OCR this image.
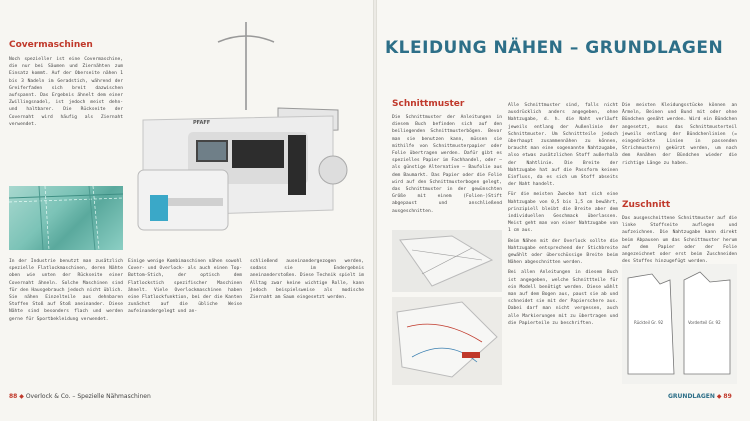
Covermaschinen

Noch spezieller ist eine Covermaschine, die nur bei Säumen und Ziernähten zum Einsatz kommt. Auf der Oberseite nähen 1 bis 3 Nadeln im Geradstich, während der Greiferfaden sich breit dazwischen aufspannt. Das Ergebnis ähnelt dem einer Zwillingsnadel, ist jedoch meist dehn- und haltbarer. Die Rückseite der Covernaht wird häufig als Ziernaht verwendet.

In der Industrie benutzt man zusätzlich spezielle Flatlockmaschinen, deren Nähte oben wie unten der Rückseite einer Covernaht ähneln. Solche Maschinen sind für den Hausgebrauch jedoch nicht üblich. Sie nähen Einzelteile aus dehnbaren Stoffen Stoß auf Stoß aneinander. Diese Nähte sind besonders flach und werden gerne für Sportbekleidung verwendet.

PFAFF

Einige wenige Kombimaschinen nähen sowohl Cover- und Overlock- als auch einen Top-Bottom-Stich, der optisch dem Flatlockstich spezifischer Maschinen ähnelt. Viele Overlockmaschinen haben eine Flatlockfunktion, bei der die Kanten zunächst auf die übliche Weise aufeinandergelegt und an-

schließend auseinandergezogen werden, sodass sie im Endergebnis aneinanderstoßen. Diese Technik spielt im Alltag zwar keine wichtige Rolle, kann jedoch beispielsweise als modische Ziernaht am Saum eingesetzt werden.

88 ◆ Overlock & Co. – Spezielle Nähmaschinen
KLEIDUNG NÄHEN – GRUNDLAGEN
Schnittmuster

Die Schnittmuster der Anleitungen in diesem Buch befinden sich auf den beiliegenden Schnittmusterbögen. Bevor man sie benutzen kann, müssen sie mithilfe von Schnittmusterpapier oder Folie übertragen werden. Dafür gibt es spezielles Papier im Fachhandel, oder – als günstige Alternative – Baufolie aus dem Baumarkt. Das Papier oder die Folie wird auf den Schnittmusterbogen gelegt, das Schnittmuster in der gewünschten Größe mit einem (Folien-)Stift abgepaust und anschließend ausgeschnitten.

Alle Schnittmuster sind, falls nicht ausdrücklich anders angegeben, ohne Nahtzugabe, d. h. die Naht verläuft jeweils entlang der Außenlinie der Schnittmuster. Um Schnittteile jedoch überhaupt zusammennähen zu können, braucht man eine sogenannte Nahtzugabe, also etwas zusätzlichen Stoff außerhalb der Nahtlinie. Die Breite der Nahtzugabe hat auf die Passform keinen Einfluss, da es sich um Stoff abseits der Naht handelt.

Für die meisten Zwecke hat sich eine Nahtzugabe von 0,5 bis 1,5 cm bewährt, prinzipiell bleibt die Breite aber dem individuellen Geschmack überlassen. Meist geht man von einer Nahtzugabe von 1 cm aus.

Beim Nähen mit der Overlock sollte die Nahtzugabe entsprechend der Stichbreite gewählt oder überschüssige Breite beim Nähen abgeschnitten werden.

Bei allen Anleitungen in diesem Buch ist angegeben, welche Schnittteile für ein Modell benötigt werden. Diese wählt man auf dem Bogen aus, paust sie ab und schneidet sie mit der Papierschere aus. Dabei darf man nicht vergessen, auch alle Markierungen mit zu übertragen und die Papierteile zu beschriften.

Die meisten Kleidungsstücke können an Ärmeln, Beinen und Bund mit oder ohne Bündchen genäht werden. Wird ein Bündchen angesetzt, muss das Schnittmusterteil jeweils entlang der Bündchenlinien (= eingedrückte Linien in passenden Strichmustern) gekürzt werden, um nach dem Annähen der Bündchen wieder die richtige Länge zu haben.

Zuschnitt

Das ausgeschnittene Schnittmuster auf die linke Stoffseite auflegen und aufzeichnen. Die Nahtzugabe kann direkt beim Abpausen um das Schnittmuster herum auf dem Papier oder der Folie angezeichnet oder erst beim Zuschneiden des Stoffes hinzugefügt werden.

Rückteil Gr. 92	Vorderteil Gr. 92
GRUNDLAGEN ◆ 89
